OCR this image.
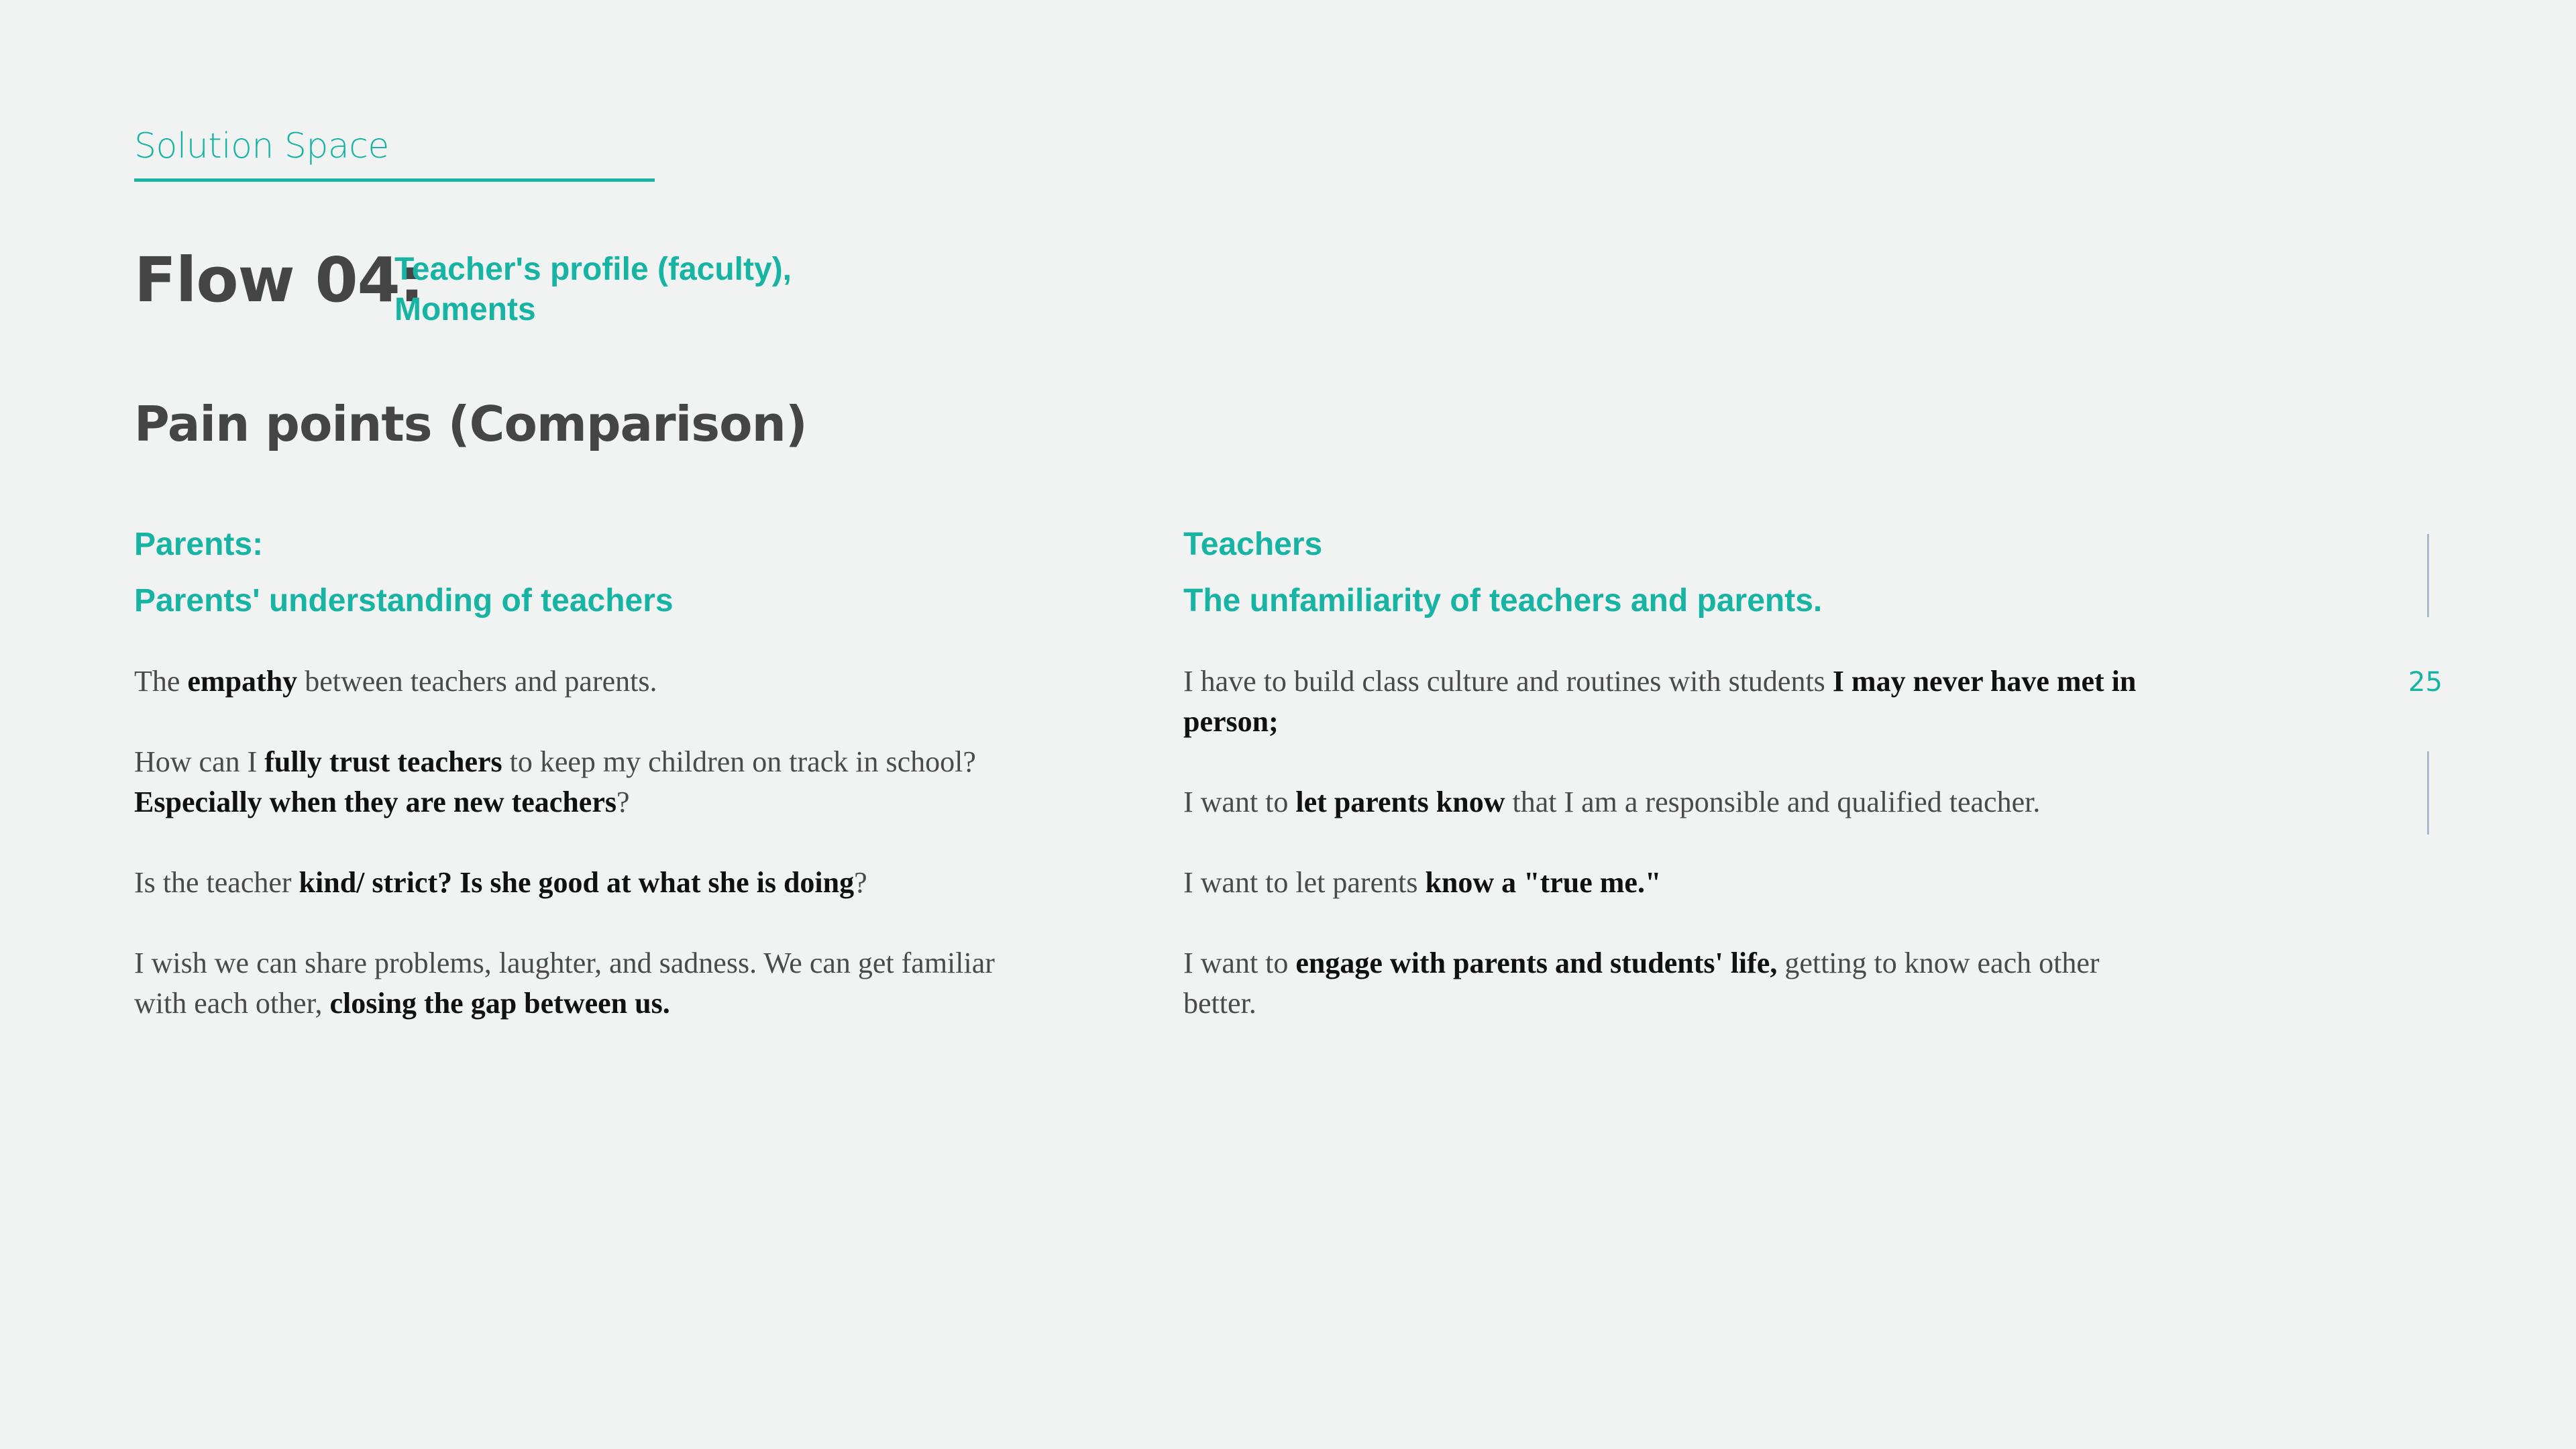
Solution Space
Flow 04:
Teacher's profile (faculty),
Moments
Pain points (Comparison)
Parents:
Parents' understanding of teachers

The empathy between teachers and parents.

How can I fully trust teachers to keep my children on track in school? Especially when they are new teachers?

Is the teacher kind/ strict? Is she good at what she is doing?

I wish we can share problems, laughter, and sadness. We can get familiar with each other, closing the gap between us.

Teachers
The unfamiliarity of teachers and parents.

I have to build class culture and routines with students I may never have met in person;

I want to let parents know that I am a responsible and qualified teacher.

I want to let parents know a "true me."

I want to engage with parents and students' life, getting to know each other better.

25
